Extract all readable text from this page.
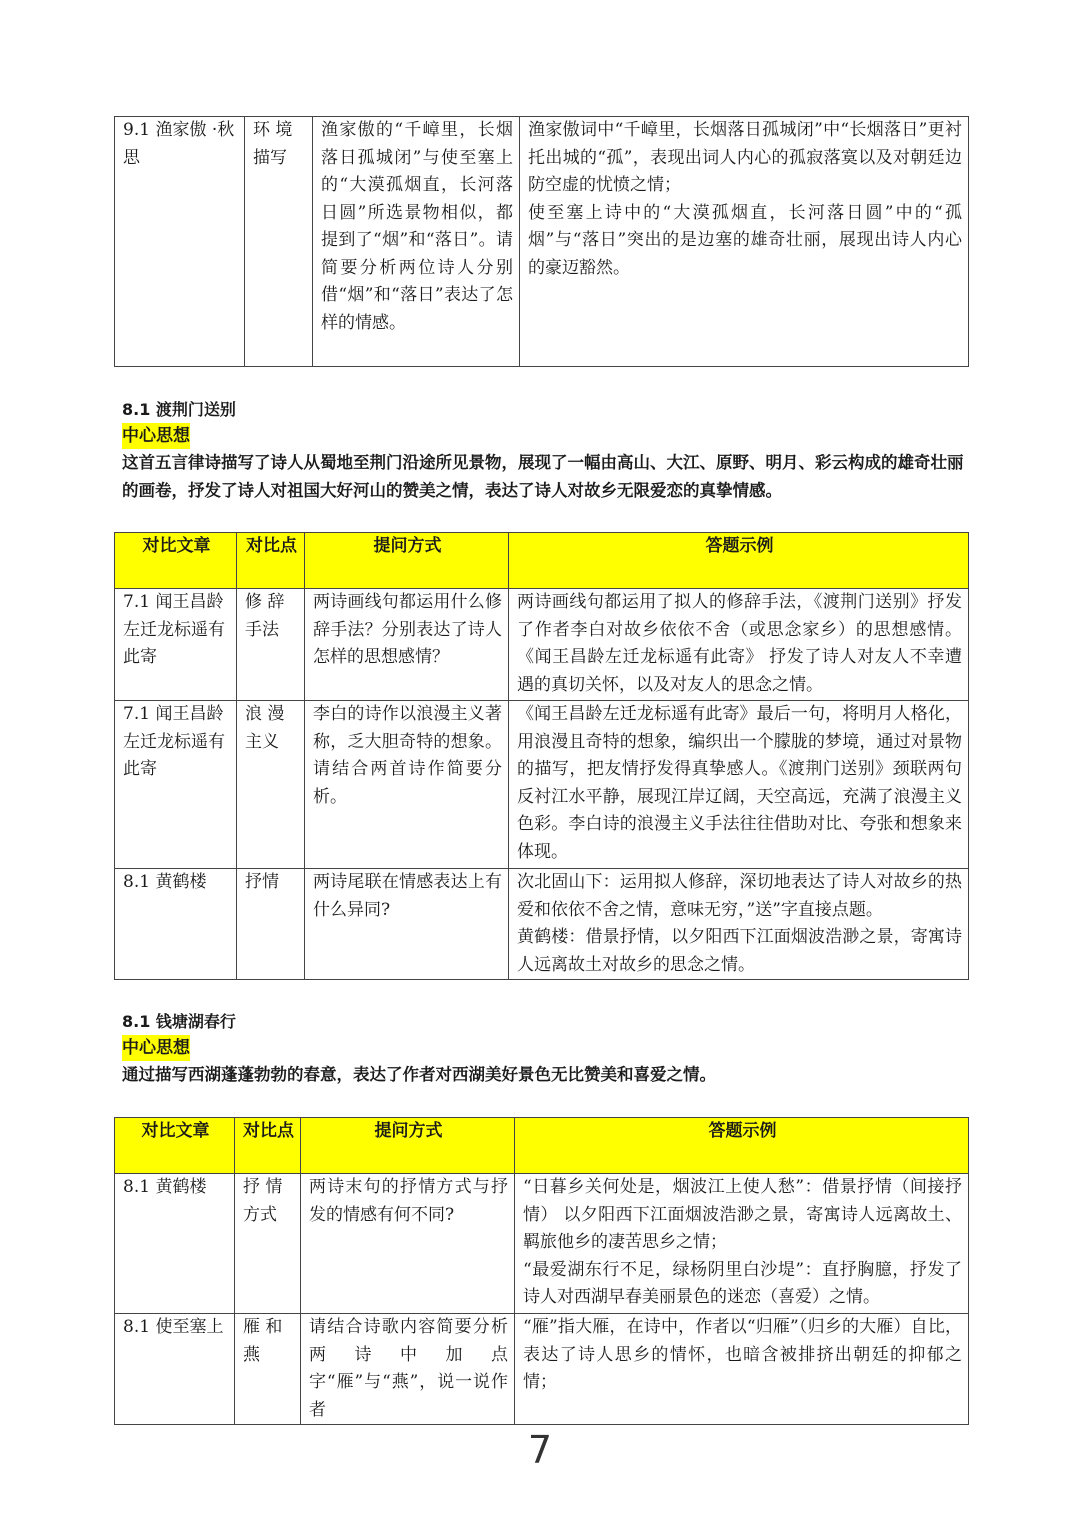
9.1 渔家傲 ·秋思	环 境描写	渔家傲的“千嶂里，长烟落日孤城闭”与使至塞上的“大漠孤烟直，长河落日圆”所选景物相似，都提到了“烟”和“落日”。请简要分析两位诗人分别借“烟”和“落日”表达了怎样的情感。	渔家傲词中“千嶂里，长烟落日孤城闭”中“长烟落日”更衬托出城的“孤”，表现出词人内心的孤寂落寞以及对朝廷边防空虚的忧愤之情；
使至塞上诗中的“大漠孤烟直，长河落日圆”中的“孤烟”与“落日”突出的是边塞的雄奇壮丽，展现出诗人内心的豪迈豁然。
8.1 渡荆门送别
中心思想
这首五言律诗描写了诗人从蜀地至荆门沿途所见景物，展现了一幅由高山、大江、原野、明月、彩云构成的雄奇壮丽的画卷，抒发了诗人对祖国大好河山的赞美之情，表达了诗人对故乡无限爱恋的真挚情感。
对比文章	对比点	提问方式	答题示例
7.1 闻王昌龄左迁龙标遥有此寄	修 辞手法	两诗画线句都运用什么修辞手法？分别表达了诗人怎样的思想感情？	两诗画线句都运用了拟人的修辞手法，《渡荆门送别》抒发了作者李白对故乡依依不舍（或思念家乡）的思想感情。《闻王昌龄左迁龙标遥有此寄》 抒发了诗人对友人不幸遭遇的真切关怀，以及对友人的思念之情。
7.1 闻王昌龄左迁龙标遥有此寄	浪 漫主义	李白的诗作以浪漫主义著称，乏大胆奇特的想象。请结合两首诗作简要分析。	《闻王昌龄左迁龙标遥有此寄》最后一句，将明月人格化，用浪漫且奇特的想象，编织出一个朦胧的梦境，通过对景物的描写，把友情抒发得真挚感人。《渡荆门送别》颈联两句反衬江水平静，展现江岸辽阔，天空高远，充满了浪漫主义色彩。李白诗的浪漫主义手法往往借助对比、夸张和想象来体现。
8.1 黄鹤楼	抒情	两诗尾联在情感表达上有什么异同?	次北固山下：运用拟人修辞，深切地表达了诗人对故乡的热爱和依依不舍之情，意味无穷，”送”字直接点题。
黄鹤楼：借景抒情，以夕阳西下江面烟波浩渺之景，寄寓诗人远离故土对故乡的思念之情。
8.1 钱塘湖春行
中心思想
通过描写西湖蓬蓬勃勃的春意，表达了作者对西湖美好景色无比赞美和喜爱之情。
对比文章	对比点	提问方式	答题示例
8.1 黄鹤楼	抒 情方式	两诗末句的抒情方式与抒发的情感有何不同?	“日暮乡关何处是，烟波江上使人愁”：借景抒情（间接抒情） 以夕阳西下江面烟波浩渺之景，寄寓诗人远离故土、羁旅他乡的凄苦思乡之情；
“最爱湖东行不足，绿杨阴里白沙堤”：直抒胸臆，抒发了诗人对西湖早春美丽景色的迷恋（喜爱）之情。
8.1 使至塞上	雁 和燕	请结合诗歌内容简要分析两诗中加点字“雁”与“燕”，说一说作者	“雁”指大雁，在诗中，作者以“归雁”（归乡的大雁）自比，表达了诗人思乡的情怀，也暗含被排挤出朝廷的抑郁之情；
7
